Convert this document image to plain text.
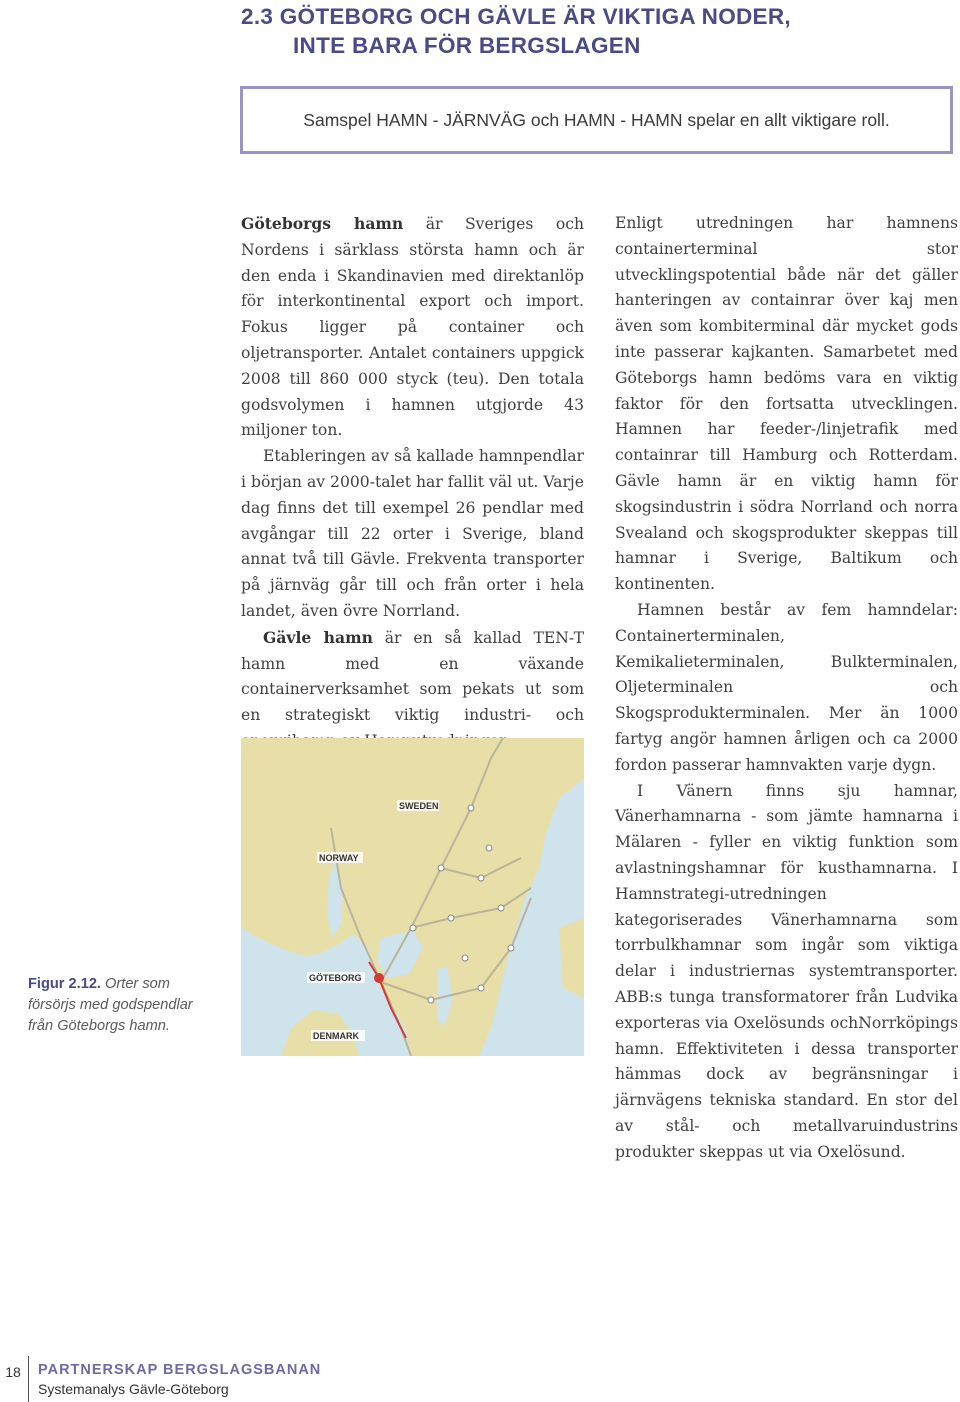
2.3 GÖTEBORG OCH GÄVLE ÄR VIKTIGA NODER,
INTE BARA FÖR BERGSLAGEN
Samspel HAMN - JÄRNVÄG och HAMN - HAMN spelar en allt viktigare roll.

Göteborgs hamn är Sveriges och Nordens i särklass största hamn och är den enda i Skandinavien med direktanlöp för interkontinental export och import. Fokus ligger på container och oljetransporter. Antalet containers uppgick 2008 till 860 000 styck (teu). Den totala godsvolymen i hamnen utgjorde 43 miljoner ton.

Etableringen av så kallade hamnpendlar i början av 2000-talet har fallit väl ut. Varje dag finns det till exempel 26 pendlar med avgångar till 22 orter i Sverige, bland annat två till Gävle. Frekventa transporter på järnväg går till och från orter i hela landet, även övre Norrland.

Gävle hamn är en så kallad TEN-T hamn med en växande containerverksamhet som pekats ut som en strategiskt viktig industri- och

Enligt utredningen har hamnens containerterminal stor utvecklingspotential både när det gäller hanteringen av containrar över kaj men även som kombiterminal där mycket gods inte passerar kajkanten. Samarbetet med Göteborgs hamn bedöms vara en viktig faktor för den fortsatta utvecklingen. Hamnen har feeder-/linjetrafik med containrar till Hamburg och Rotterdam. Gävle hamn är en viktig hamn för skogsindustrin i södra Norrland och norra Svealand och skogsprodukter skeppas till hamnar i Sverige, Baltikum och kontinenten.

Hamnen består av fem hamndelar: Containerterminalen, Kemikalieterminalen, Bulkterminalen, Oljeterminalen och Skogsprodukterminalen. Mer än 1000 fartyg angör hamnen årligen och ca 2000 fordon passerar hamnvakten varje dygn.

I Vänern finns sju hamnar, Vänerhamnarna - som jämte hamnarna i Mälaren - fyller en viktig funktion som avlastningshamnar för kusthamnarna. I Hamnstrategi-utredningen kategoriserades Vänerhamnarna som torrbulkhamnar som ingår som viktiga delar i industriernas systemtransporter. ABB:s tunga transformatorer från Ludvika exporteras via Oxelösunds ochNorrköpings hamn. Effektiviteten i dessa transporter hämmas dock av begränsningar i järnvägens tekniska standard. En stor del av stål- och metallvaruindustrins produkter skeppas ut via Oxelösund.

Figur 2.12. Orter som försörjs med godspendlar från Göteborgs hamn.
SWEDEN
NORWAY
GÖTEBORG
DENMARK
18	PARTNERSKAP BERGSLAGSBANAN
Systemanalys Gävle-Göteborg
